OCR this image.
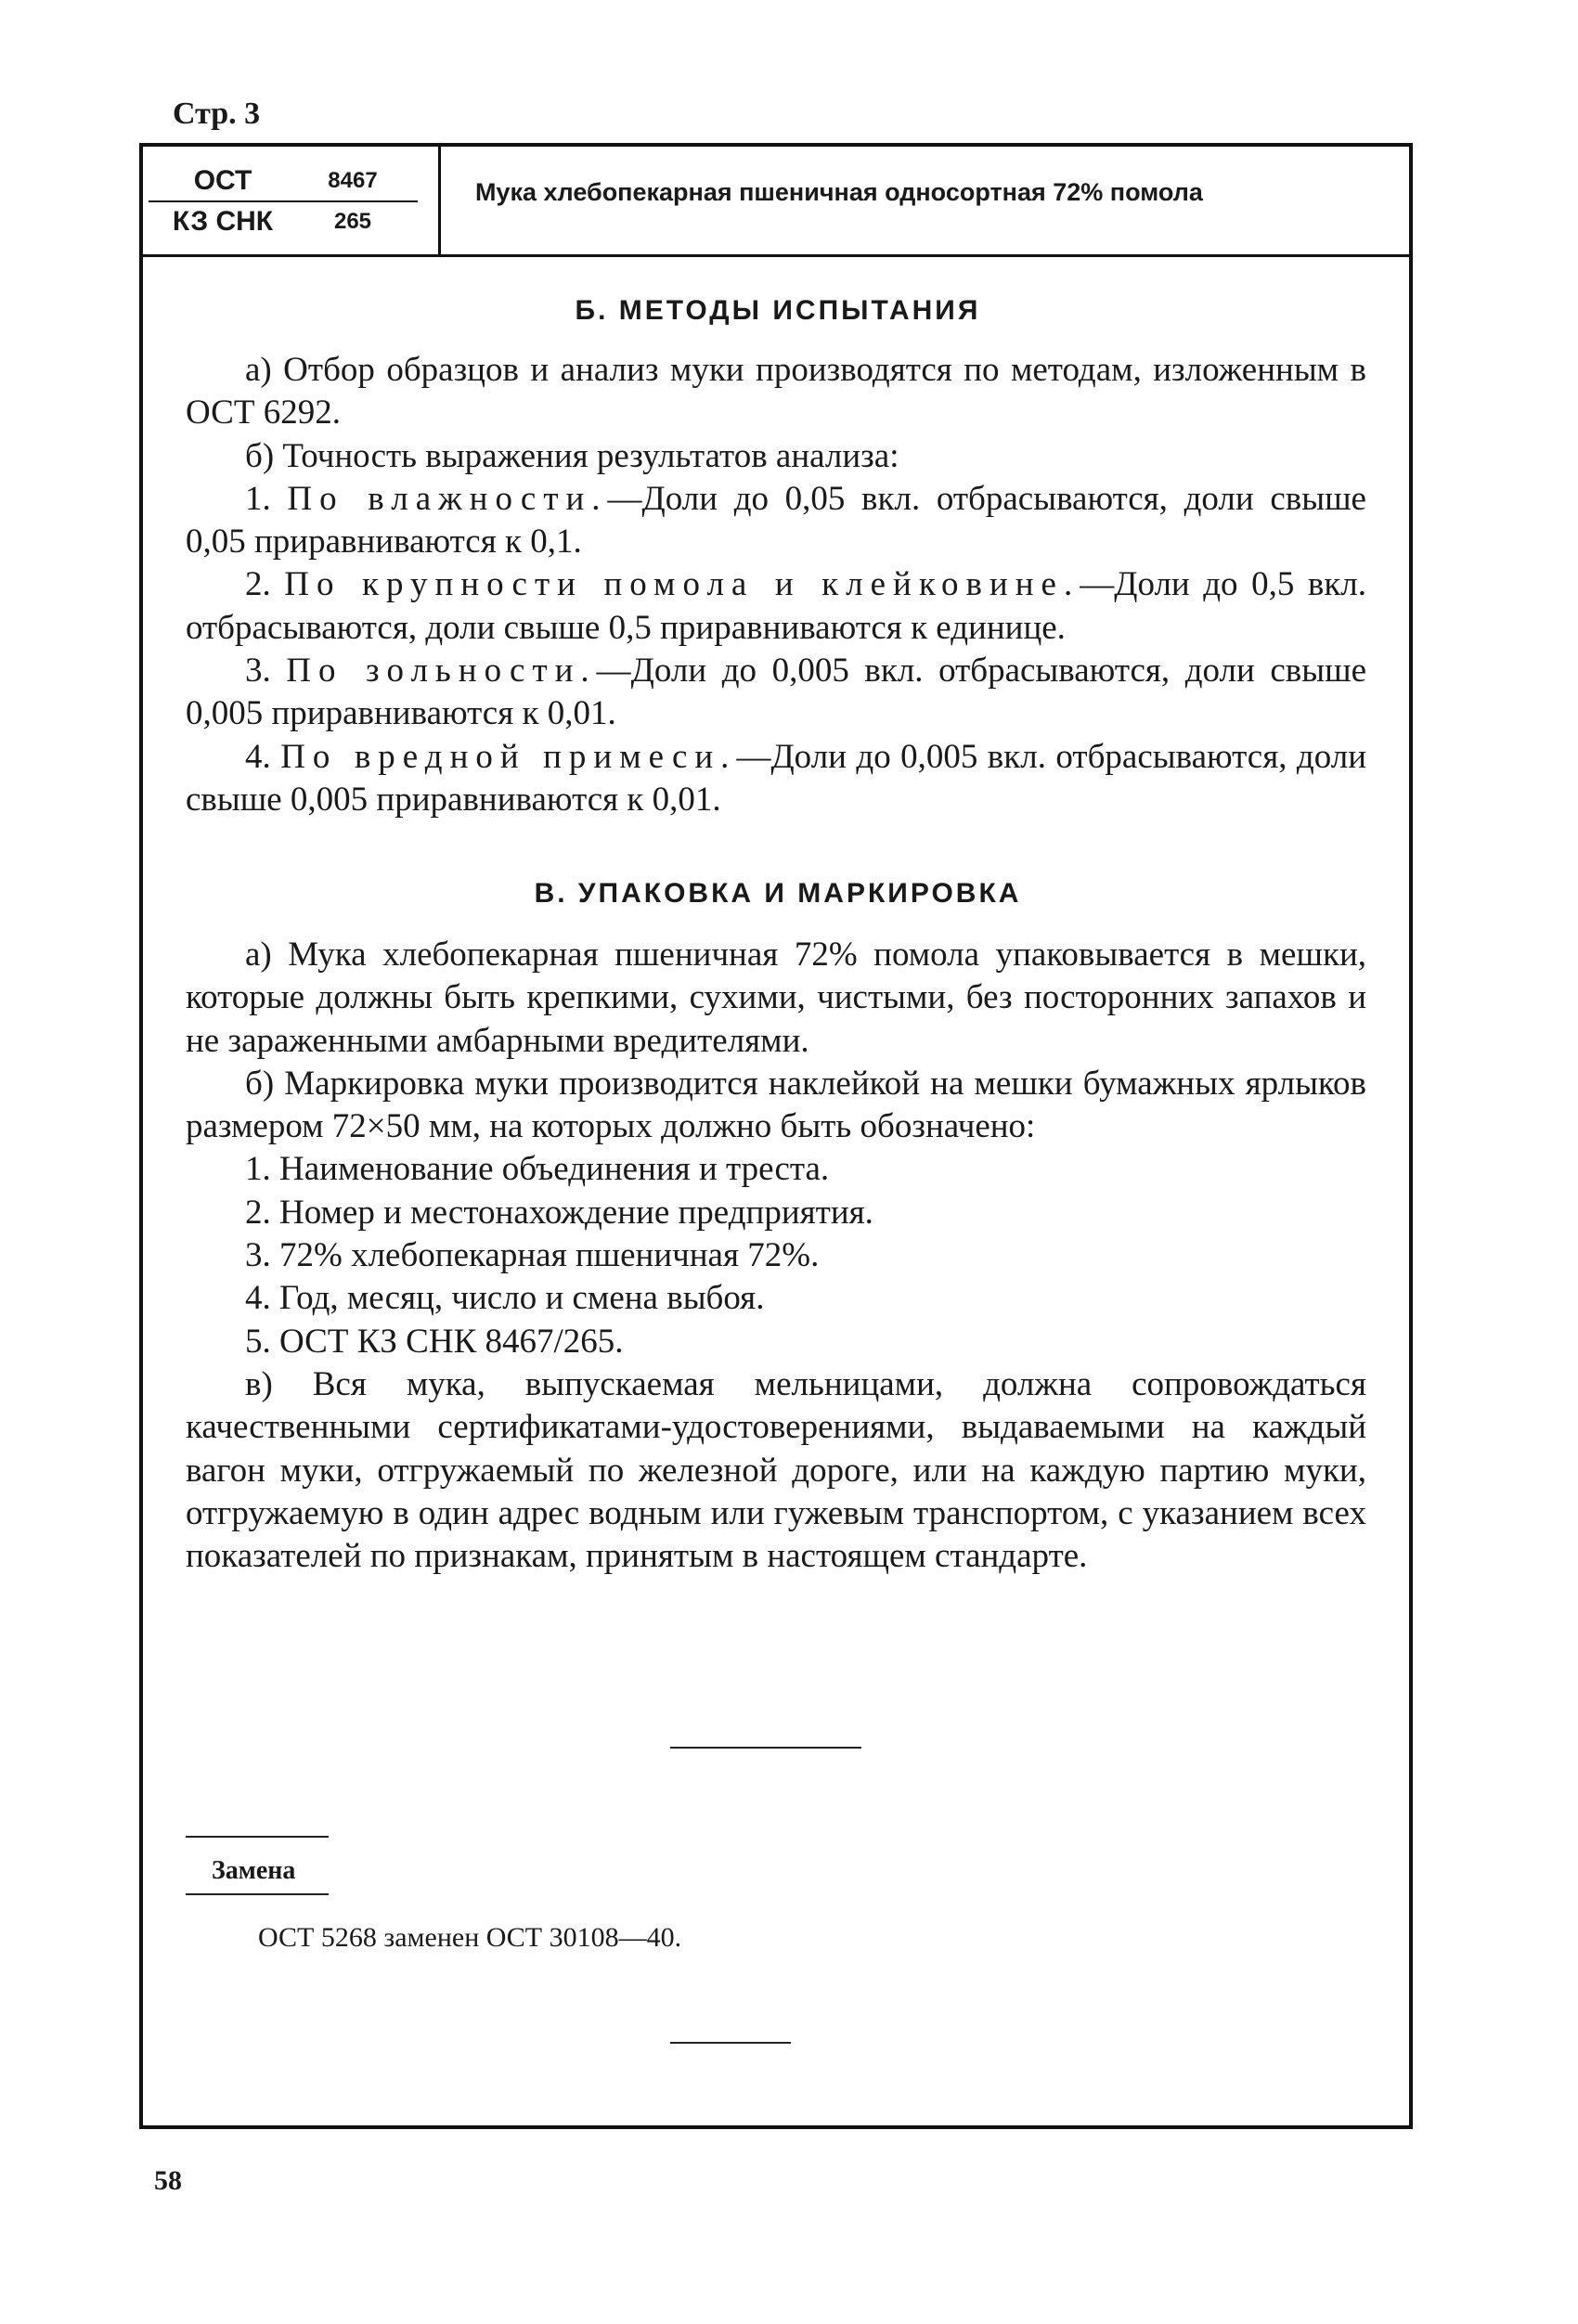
Стр. 3
ОСТ	8467
КЗ СНК	265
Мука хлебопекарная пшеничная односортная 72% помола
Б. МЕТОДЫ ИСПЫТАНИЯ

а) Отбор образцов и анализ муки производятся по методам, изложенным в ОСТ 6292.

б) Точность выражения результатов анализа:

1. По влажности.—Доли до 0,05 вкл. отбрасываются, доли свыше 0,05 приравниваются к 0,1.

2. По крупности помола и клейковине.—Доли до 0,5 вкл. отбрасываются, доли свыше 0,5 приравниваются к единице.

3. По зольности.—Доли до 0,005 вкл. отбрасываются, доли свыше 0,005 приравниваются к 0,01.

4. По вредной примеси.—Доли до 0,005 вкл. отбрасываются, доли свыше 0,005 приравниваются к 0,01.

В. УПАКОВКА И МАРКИРОВКА

а) Мука хлебопекарная пшеничная 72% помола упаковывается в мешки, которые должны быть крепкими, сухими, чистыми, без посторонних запахов и не зараженными амбарными вредителями.

б) Маркировка муки производится наклейкой на мешки бумажных ярлыков размером 72×50 мм, на которых должно быть обозначено:

1. Наименование объединения и треста.

2. Номер и местонахождение предприятия.

3. 72% хлебопекарная пшеничная 72%.

4. Год, месяц, число и смена выбоя.

5. ОСТ КЗ СНК 8467/265.

в) Вся мука, выпускаемая мельницами, должна сопровождаться качественными сертификатами-удостоверениями, выдаваемыми на каждый вагон муки, отгружаемый по железной дороге, или на каждую партию муки, отгружаемую в один адрес водным или гужевым транспортом, с указанием всех показателей по признакам, принятым в настоящем стандарте.

Замена
ОСТ 5268 заменен ОСТ 30108—40.
58
